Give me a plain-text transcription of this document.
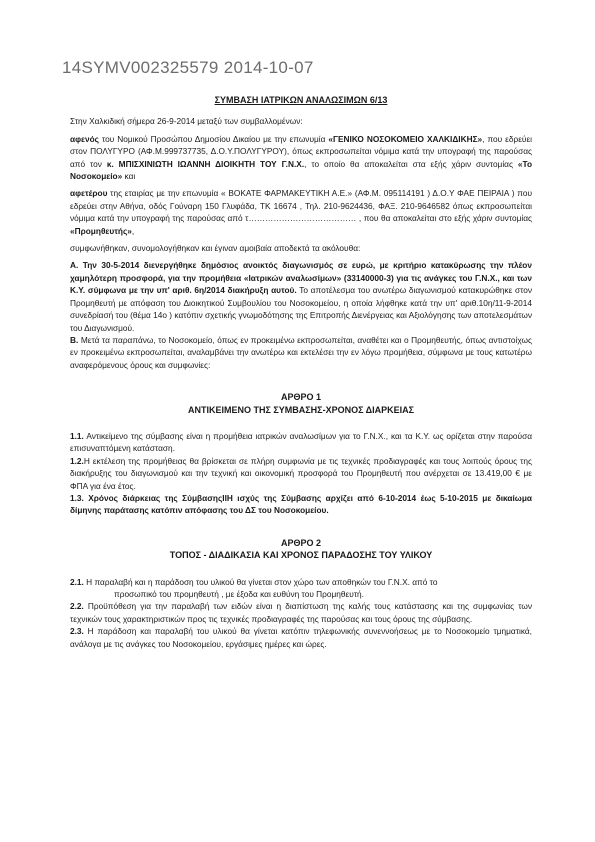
14SYMV002325579 2014-10-07

ΣΥΜΒΑΣΗ ΙΑΤΡΙΚΩΝ ΑΝΑΛΩΣΙΜΩΝ 6/13

Στην Χαλκιδική σήμερα 26-9-2014 μεταξύ των συμβαλλομένων:

αφενός του Νομικού Προσώπου Δημοσίου Δικαίου με την επωνυμία «ΓΕΝΙΚΟ ΝΟΣΟΚΟΜΕΙΟ ΧΑΛΚΙΔΙΚΗΣ», που εδρεύει στον ΠΟΛΥΓΥΡΟ (ΑΦ.Μ.999737735, Δ.Ο.Υ.ΠΟΛΥΓΥΡΟΥ), όπως εκπροσωπείται νόμιμα κατά την υπογραφή της παρούσας από τον κ. ΜΠΙΣΧΙΝΙΩΤΗ ΙΩΑΝΝΗ ΔΙΟΙΚΗΤΗ ΤΟΥ Γ.Ν.Χ., το οποίο θα αποκαλείται στα εξής χάριν συντομίας «Το Νοσοκομείο» και

αφετέρου της εταιρίας με την επωνυμία « ΒΟΚΑΤΕ ΦΑΡΜΑΚΕΥΤΙΚΗ Α.Ε.» (ΑΦ.Μ. 095114191 ) Δ.Ο.Υ ΦΑΕ ΠΕΙΡΑΙΑ ) που εδρεύει στην Αθήνα, οδός Γούναρη 150 Γλυφάδα, ΤΚ 16674 , Τηλ. 210-9624436, ΦΑΞ. 210-9646582 όπως εκπροσωπείται νόμιμα κατά την υπογραφή της παρούσας από τ………………………………… , που θα αποκαλείται στο εξής χάριν συντομίας «Προμηθευτής»,

συμφωνήθηκαν, συνομολογήθηκαν και έγιναν αμοιβαία αποδεκτά τα ακόλουθα:

Α. Την 30-5-2014 διενεργήθηκε δημόσιος ανοικτός διαγωνισμός σε ευρώ, με κριτήριο κατακύρωσης την πλέον χαμηλότερη προσφορά, για την προμήθεια «Ιατρικών αναλωσίμων» (33140000-3) για τις ανάγκες του Γ.Ν.Χ., και των Κ.Υ. σύμφωνα με την υπ' αριθ. 6η/2014 διακήρυξη αυτού. Το αποτέλεσμα του ανωτέρω διαγωνισμού κατακυρώθηκε στον Προμηθευτή με απόφαση του Διοικητικού Συμβουλίου του Νοσοκομείου, η οποία λήφθηκε κατά την υπ' αριθ.10η/11-9-2014 συνεδρίασή του (θέμα 14ο ) κατόπιν σχετικής γνωμοδότησης της Επιτροπής Διενέργειας και Αξιολόγησης των αποτελεσμάτων του Διαγωνισμού.

Β. Μετά τα παραπάνω, το Νοσοκομείο, όπως εν προκειμένω εκπροσωπείται, αναθέτει και ο Προμηθευτής, όπως αντιστοίχως εν προκειμένω εκπροσωπείται, αναλαμβάνει την ανωτέρω και εκτελέσει την εν λόγω προμήθεια, σύμφωνα με τους κατωτέρω αναφερόμενους όρους και συμφωνίες:

ΑΡΘΡΟ 1

ΑΝΤΙΚΕΙΜΕΝΟ ΤΗΣ ΣΥΜΒΑΣΗΣ-ΧΡΟΝΟΣ ΔΙΑΡΚΕΙΑΣ

1.1. Αντικείμενο της σύμβασης είναι η προμήθεια ιατρικών αναλωσίμων για το Γ.Ν.Χ., και τα Κ.Υ. ως ορίζεται στην παρούσα επισυναπτόμενη κατάσταση.

1.2.Η εκτέλεση της προμήθειας θα βρίσκεται σε πλήρη συμφωνία με τις τεχνικές προδιαγραφές και τους λοιπούς όρους της διακήρυξης του διαγωνισμού και την τεχνική και οικονομική προσφορά του Προμηθευτή που ανέρχεται σε 13.419,00 € με ΦΠΑ για ένα έτος.

1.3. Χρόνος διάρκειας της ΣύμβασηςΙΙΗ ισχύς της Σύμβασης αρχίζει από 6-10-2014 έως 5-10-2015 με δικαίωμα δίμηνης παράτασης κατόπιν απόφασης του ΔΣ του Νοσοκομείου.

ΑΡΘΡΟ 2

ΤΟΠΟΣ - ΔΙΑΔΙΚΑΣΙΑ ΚΑΙ ΧΡΟΝΟΣ ΠΑΡΑΔΟΣΗΣ ΤΟΥ ΥΛΙΚΟΥ

2.1. Η παραλαβή και η παράδοση του υλικού θα γίνεται στον χώρο των αποθηκών του Γ.Ν.Χ. από το

προσωπικό του προμηθευτή , με έξοδα και ευθύνη του Προμηθευτή.

2.2. Προϋπόθεση για την παραλαβή των ειδών είναι η διαπίστωση της καλής τους κατάστασης και της συμφωνίας των τεχνικών τους χαρακτηριστικών προς τις τεχνικές προδιαγραφές της παρούσας και τους όρους της σύμβασης.

2.3. Η παράδοση και παραλαβή του υλικού θα γίνεται κατόπιν τηλεφωνικής συνεννοήσεως με το Νοσοκομείο τμηματικά, ανάλογα με τις ανάγκες του Νοσοκομείου, εργάσιμες ημέρες και ώρες.
